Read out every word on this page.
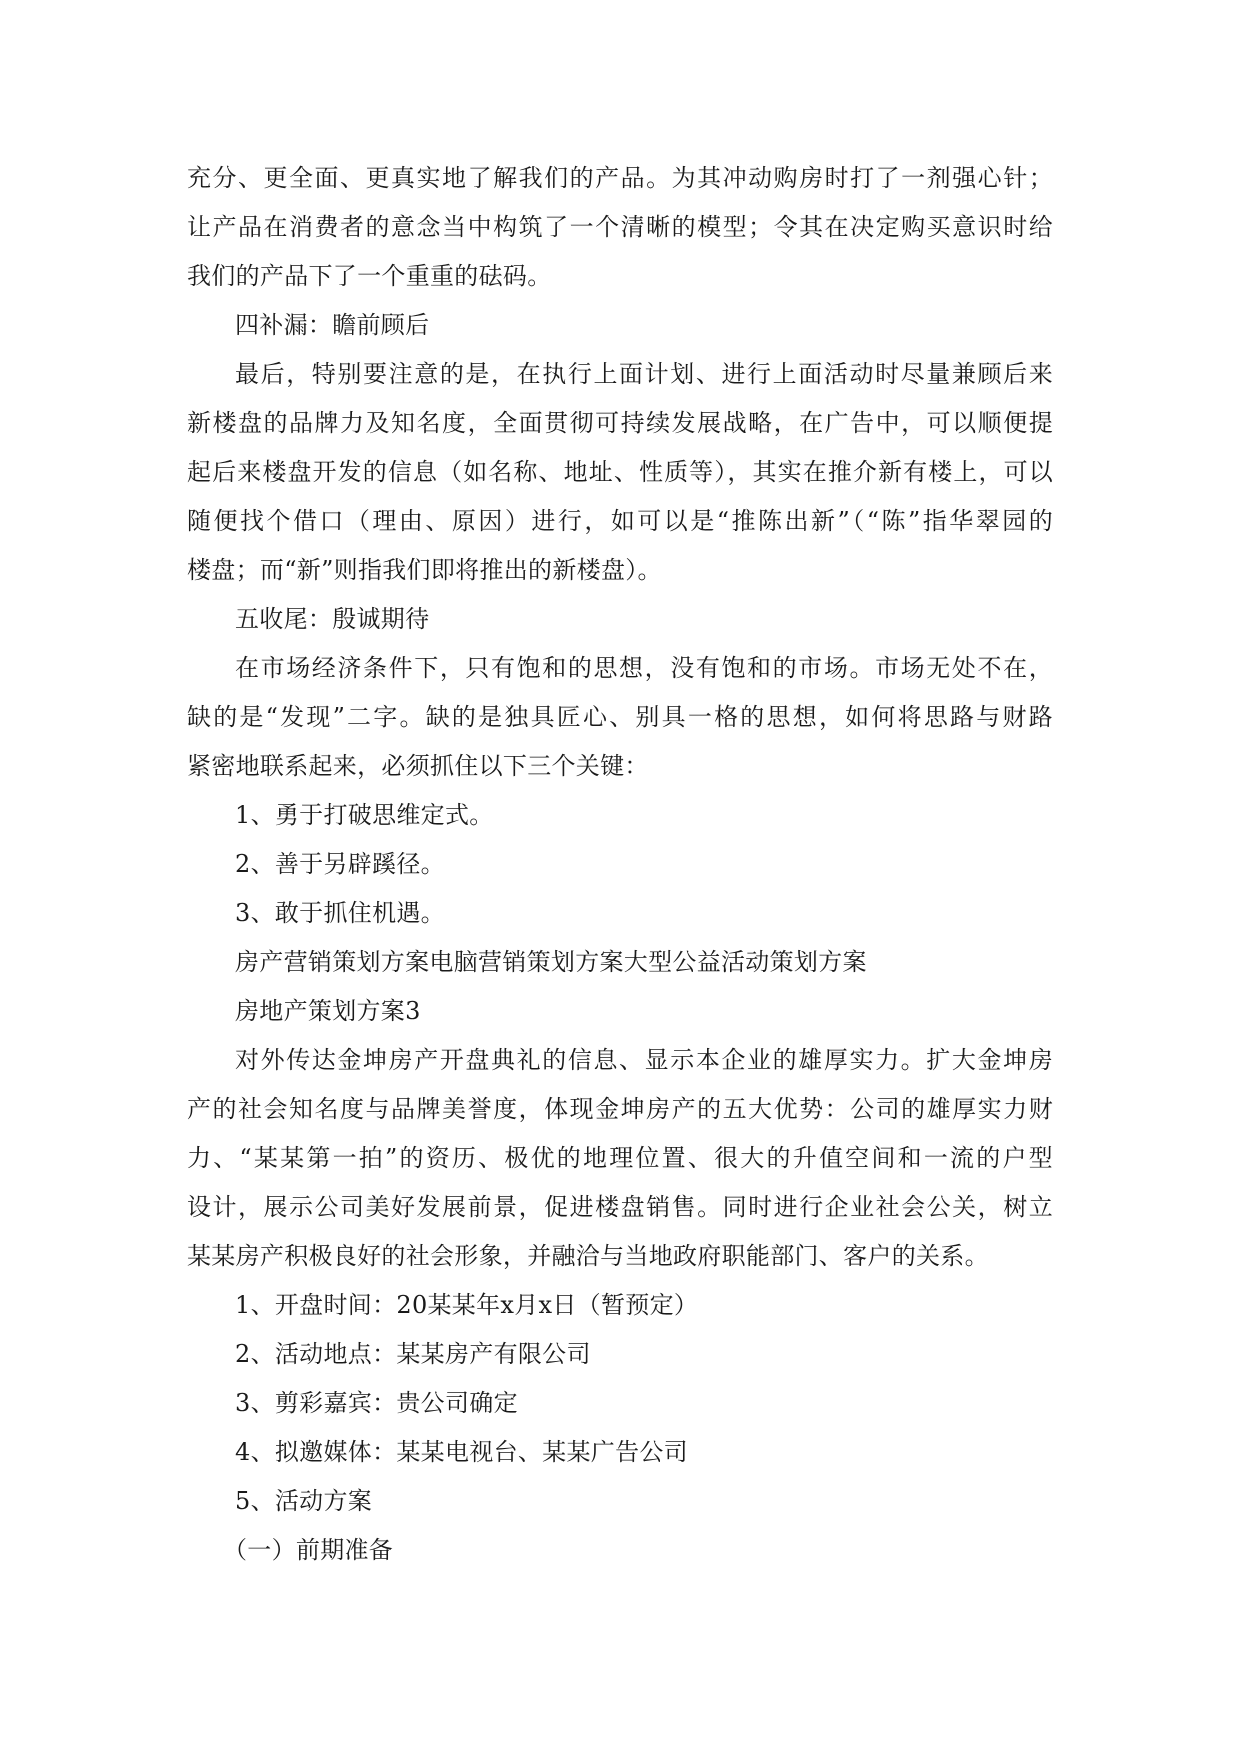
充分、更全面、更真实地了解我们的产品。为其冲动购房时打了一剂强心针；
让产品在消费者的意念当中构筑了一个清晰的模型；令其在决定购买意识时给
我们的产品下了一个重重的砝码。
四补漏：瞻前顾后
最后，特别要注意的是，在执行上面计划、进行上面活动时尽量兼顾后来
新楼盘的品牌力及知名度，全面贯彻可持续发展战略，在广告中，可以顺便提
起后来楼盘开发的信息（如名称、地址、性质等），其实在推介新有楼上，可以
随便找个借口（理由、原因）进行，如可以是“推陈出新”（“陈”指华翠园的
楼盘；而“新”则指我们即将推出的新楼盘）。
五收尾：殷诚期待
在市场经济条件下，只有饱和的思想，没有饱和的市场。市场无处不在，
缺的是“发现”二字。缺的是独具匠心、别具一格的思想，如何将思路与财路
紧密地联系起来，必须抓住以下三个关键：
1、勇于打破思维定式。
2、善于另辟蹊径。
3、敢于抓住机遇。
房产营销策划方案电脑营销策划方案大型公益活动策划方案
房地产策划方案3
对外传达金坤房产开盘典礼的信息、显示本企业的雄厚实力。扩大金坤房
产的社会知名度与品牌美誉度，体现金坤房产的五大优势：公司的雄厚实力财
力、“某某第一拍”的资历、极优的地理位置、很大的升值空间和一流的户型
设计，展示公司美好发展前景，促进楼盘销售。同时进行企业社会公关，树立
某某房产积极良好的社会形象，并融洽与当地政府职能部门、客户的关系。
1、开盘时间：20某某年x月x日（暂预定）
2、活动地点：某某房产有限公司
3、剪彩嘉宾：贵公司确定
4、拟邀媒体：某某电视台、某某广告公司
5、活动方案
（一）前期准备
